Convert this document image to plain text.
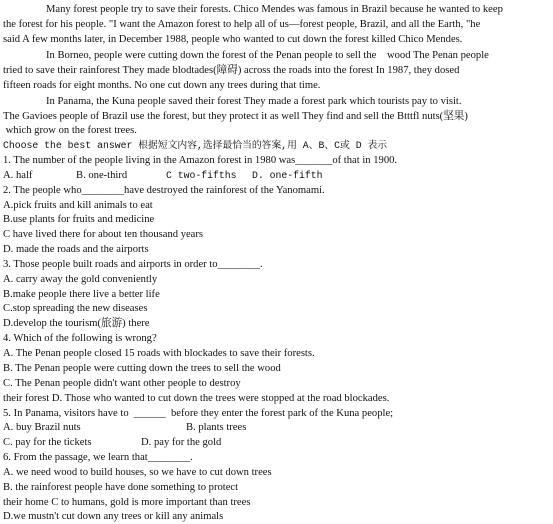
Many forest people try to save their forests. Chico Mendes was famous in Brazil because he wanted to keep
the forest for his people. "I want the Amazon forest to help all of us—forest people, Brazil, and all the Earth, "he
said A few months later, in December 1988, people who wanted to cut down the forest killed Chico Mendes.
In Borneo, people were cutting down the forest of the Penan people to sell the    wood The Penan people
tried to save their rainforest They made blodtades(障碍) across the roads into the forest In 1987, they dosed
fifteen roads for eight months. No one cut down any trees during that time.
In Panama, the Kuna people saved their forest They made a forest park which tourists pay to visit.
The Gaviоes people of Brazil use the forest, but they protect it as well They find and sell the Btttfl nuts(坚果)
which grow on the forest trees.
Choose the best answer 根据短文内容,选择最恰当的答案,用 A、B、C或 D 表示
1. The number of the people living in the Amazon forest in 1980 was_______of that in 1900.
A. half	B. one-third	C two-fifths D. one-fifth
2. The people who________have destroyed the rainforest of the Yanomami.
A.pick fruits and kill animals to eat
B.use plants for fruits and medicine
C have lived there for about ten thousand years
D. made the roads and the airports
3. Those people built roads and airports in order to________.
A. carry away the gold conveniently
B.make people there live a better life
C.stop spreading the new diseases
D.develop the tourism(旅游) there
4. Which of the following is wrong?
A. The Penan people closed 15 roads with blockades to save their forests.
B. The Penan people were cutting down the trees to sell the wood
C. The Penan people didn't want other people to destroy
their forest D. Those who wanted to cut down the trees were stopped at the road blockades.
5. In Panama, visitors have to  ______  before they enter the forest park of the Kuna people;
A. buy Brazil nuts	B. plants trees
C. pay for the tickets	D. pay for the gold
6. From the passage, we learn that________.
A. we need wood to build houses, so we have to cut down trees
B. the rainforest people have done something to protect
their home C to humans, gold is more important than trees
D.we mustn't cut down any trees or kill any animals
